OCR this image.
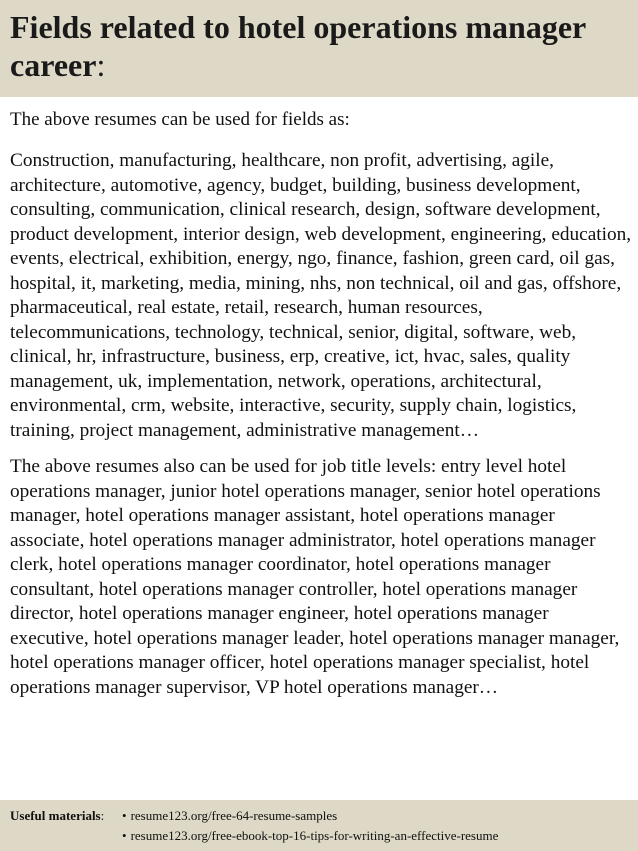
Fields related to hotel operations manager career:

The above resumes can be used for fields as:

Construction, manufacturing, healthcare, non profit, advertising, agile, architecture, automotive, agency, budget, building, business development, consulting, communication, clinical research, design, software development, product development, interior design, web development, engineering, education, events, electrical, exhibition, energy, ngo, finance, fashion, green card, oil gas, hospital, it, marketing, media, mining, nhs, non technical, oil and gas, offshore, pharmaceutical, real estate, retail, research, human resources, telecommunications, technology, technical, senior, digital, software, web, clinical, hr, infrastructure, business, erp, creative, ict, hvac, sales, quality management, uk, implementation, network, operations, architectural, environmental, crm, website, interactive, security, supply chain, logistics, training, project management, administrative management…

The above resumes also can be used for job title levels: entry level hotel operations manager, junior hotel operations manager, senior hotel operations manager, hotel operations manager assistant, hotel operations manager associate, hotel operations manager administrator, hotel operations manager clerk, hotel operations manager coordinator, hotel operations manager consultant, hotel operations manager controller, hotel operations manager director, hotel operations manager engineer, hotel operations manager executive, hotel operations manager leader, hotel operations manager manager, hotel operations manager officer, hotel operations manager specialist, hotel operations manager supervisor, VP hotel operations manager…

Useful materials:	• resume123.org/free-64-resume-samples
• resume123.org/free-ebook-top-16-tips-for-writing-an-effective-resume
